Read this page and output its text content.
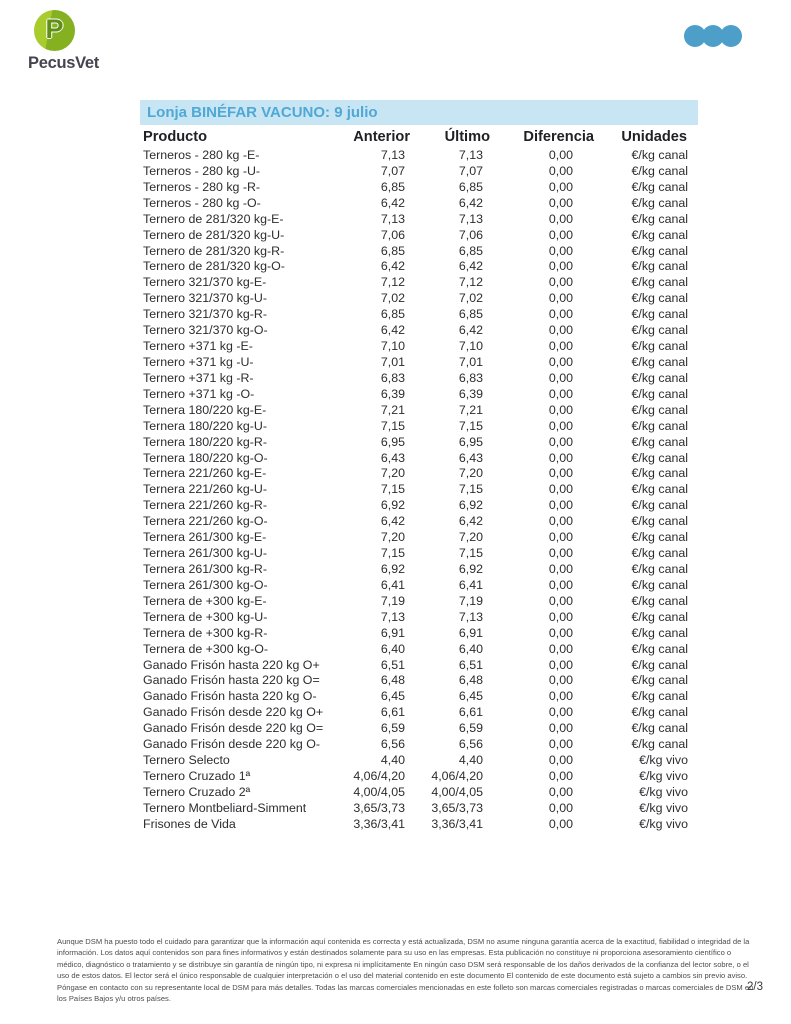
P
PecusVet
Lonja BINÉFAR VACUNO: 9 julio
Producto	Anterior	Último	Diferencia	Unidades
Terneros - 280 kg -E-	7,13	7,13	0,00	€/kg canal
Terneros - 280 kg -U-	7,07	7,07	0,00	€/kg canal
Terneros - 280 kg -R-	6,85	6,85	0,00	€/kg canal
Terneros - 280 kg -O-	6,42	6,42	0,00	€/kg canal
Ternero de 281/320 kg-E-	7,13	7,13	0,00	€/kg canal
Ternero de 281/320 kg-U-	7,06	7,06	0,00	€/kg canal
Ternero de 281/320 kg-R-	6,85	6,85	0,00	€/kg canal
Ternero de 281/320 kg-O-	6,42	6,42	0,00	€/kg canal
Ternero 321/370 kg-E-	7,12	7,12	0,00	€/kg canal
Ternero 321/370 kg-U-	7,02	7,02	0,00	€/kg canal
Ternero 321/370 kg-R-	6,85	6,85	0,00	€/kg canal
Ternero 321/370 kg-O-	6,42	6,42	0,00	€/kg canal
Ternero +371 kg -E-	7,10	7,10	0,00	€/kg canal
Ternero +371 kg -U-	7,01	7,01	0,00	€/kg canal
Ternero +371 kg -R-	6,83	6,83	0,00	€/kg canal
Ternero +371 kg -O-	6,39	6,39	0,00	€/kg canal
Ternera 180/220 kg-E-	7,21	7,21	0,00	€/kg canal
Ternera 180/220 kg-U-	7,15	7,15	0,00	€/kg canal
Ternera 180/220 kg-R-	6,95	6,95	0,00	€/kg canal
Ternera 180/220 kg-O-	6,43	6,43	0,00	€/kg canal
Ternera 221/260 kg-E-	7,20	7,20	0,00	€/kg canal
Ternera 221/260 kg-U-	7,15	7,15	0,00	€/kg canal
Ternera 221/260 kg-R-	6,92	6,92	0,00	€/kg canal
Ternera 221/260 kg-O-	6,42	6,42	0,00	€/kg canal
Ternera 261/300 kg-E-	7,20	7,20	0,00	€/kg canal
Ternera 261/300 kg-U-	7,15	7,15	0,00	€/kg canal
Ternera 261/300 kg-R-	6,92	6,92	0,00	€/kg canal
Ternera 261/300 kg-O-	6,41	6,41	0,00	€/kg canal
Ternera de +300 kg-E-	7,19	7,19	0,00	€/kg canal
Ternera de +300 kg-U-	7,13	7,13	0,00	€/kg canal
Ternera de +300 kg-R-	6,91	6,91	0,00	€/kg canal
Ternera de +300 kg-O-	6,40	6,40	0,00	€/kg canal
Ganado Frisón hasta 220 kg O+	6,51	6,51	0,00	€/kg canal
Ganado Frisón hasta 220 kg O=	6,48	6,48	0,00	€/kg canal
Ganado Frisón hasta 220 kg O-	6,45	6,45	0,00	€/kg canal
Ganado Frisón desde 220 kg O+	6,61	6,61	0,00	€/kg canal
Ganado Frisón desde 220 kg O=	6,59	6,59	0,00	€/kg canal
Ganado Frisón desde 220 kg O-	6,56	6,56	0,00	€/kg canal
Ternero Selecto	4,40	4,40	0,00	€/kg vivo
Ternero Cruzado 1ª	4,06/4,20	4,06/4,20	0,00	€/kg vivo
Ternero Cruzado 2ª	4,00/4,05	4,00/4,05	0,00	€/kg vivo
Ternero Montbeliard-Simment	3,65/3,73	3,65/3,73	0,00	€/kg vivo
Frisones de Vida	3,36/3,41	3,36/3,41	0,00	€/kg vivo
Aunque DSM ha puesto todo el cuidado para garantizar que la información aquí contenida es correcta y está actualizada, DSM no asume ninguna garantía acerca de la exactitud, fiabilidad o integridad de la información. Los datos aquí contenidos son para fines informativos y están destinados solamente para su uso en las empresas. Esta publicación no constituye ni proporciona asesoramiento científico o médico, diagnóstico o tratamiento y se distribuye sin garantía de ningún tipo, ni expresa ni implícitamente En ningún caso DSM será responsable de los daños derivados de la confianza del lector sobre, o el uso de estos datos. El lector será el único responsable de cualquier interpretación o el uso del material contenido en este documento El contenido de este documento está sujeto a cambios sin previo aviso. Póngase en contacto con su representante local de DSM para más detalles. Todas las marcas comerciales mencionadas en este folleto son marcas comerciales registradas o marcas comerciales de DSM en los Países Bajos y/u otros países.
2/3
